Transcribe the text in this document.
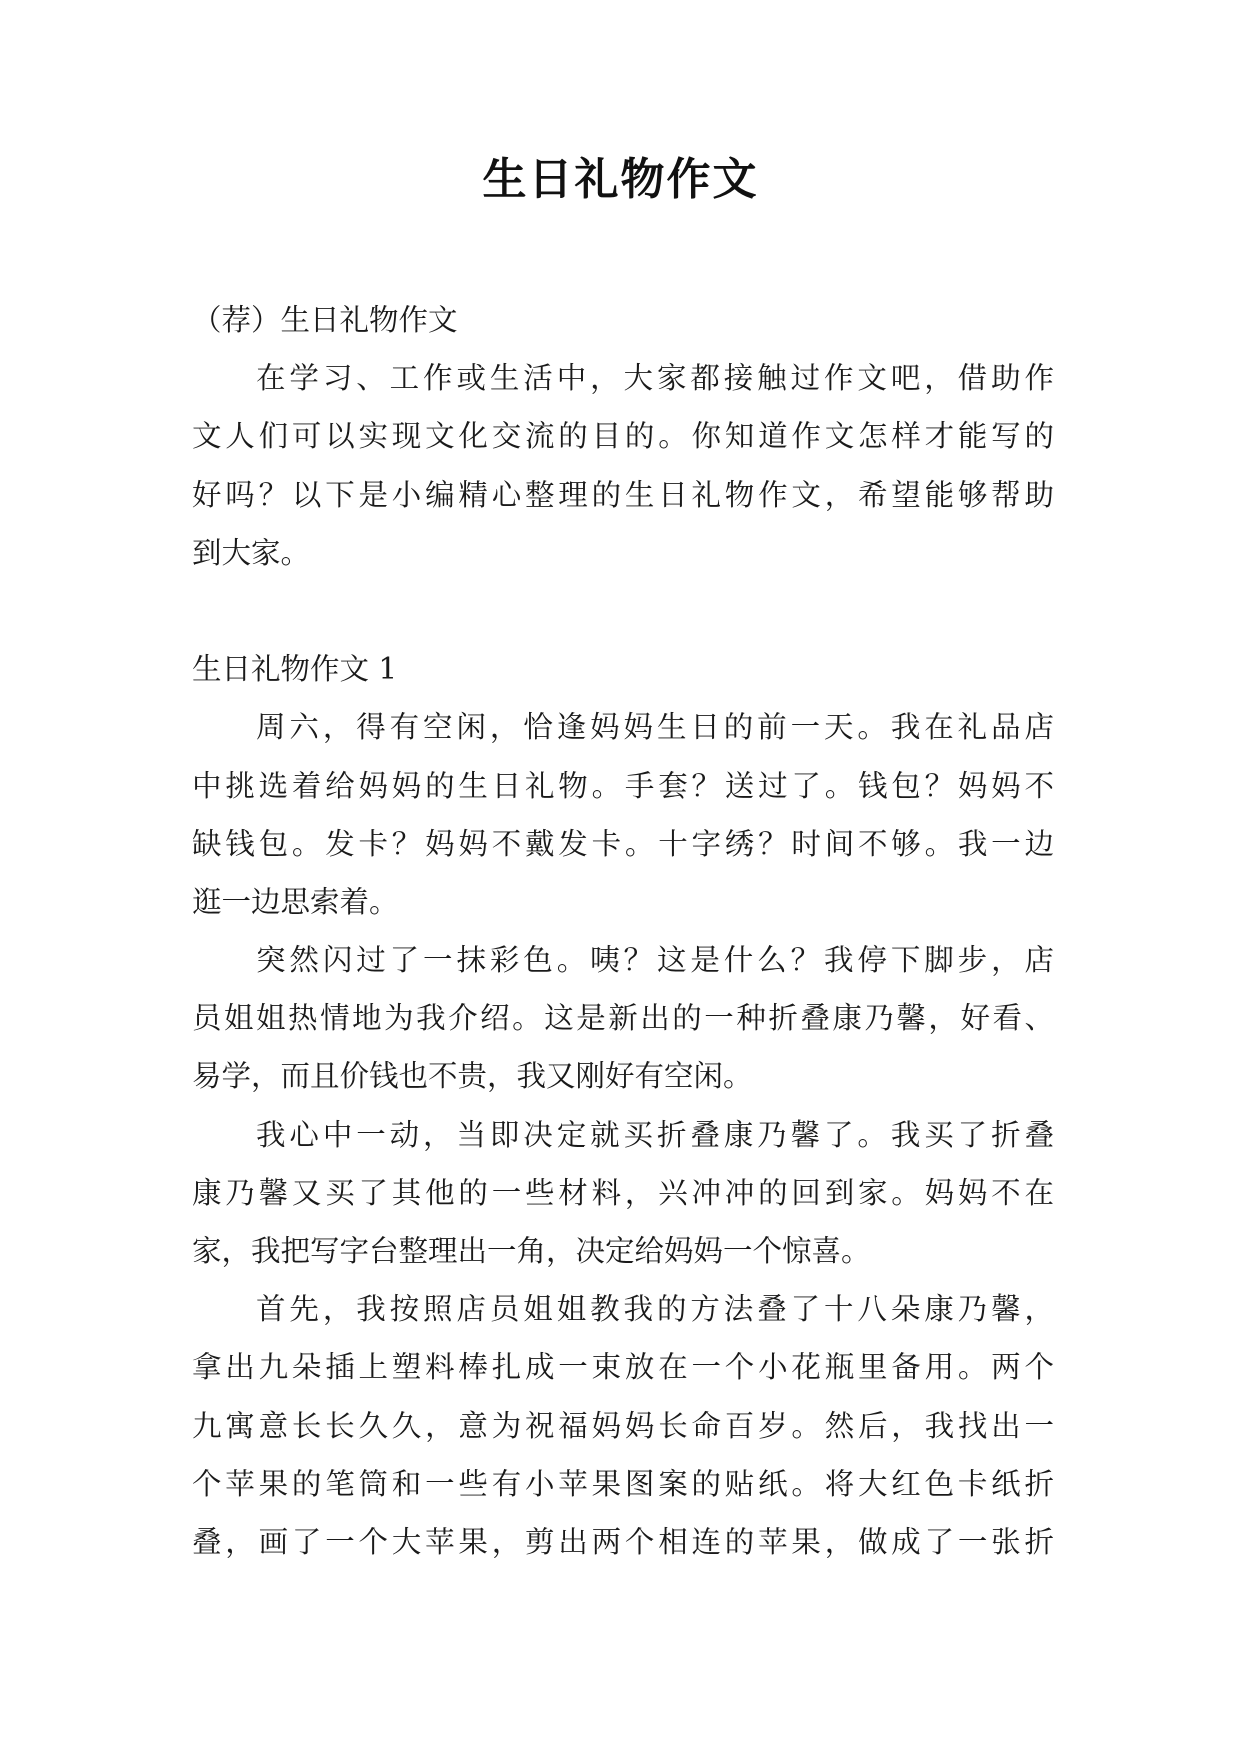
生日礼物作文
（荐）生日礼物作文
在学习、工作或生活中，大家都接触过作文吧，借助作
文人们可以实现文化交流的目的。你知道作文怎样才能写的
好吗？以下是小编精心整理的生日礼物作文，希望能够帮助
到大家。
生日礼物作文 1
周六，得有空闲，恰逢妈妈生日的前一天。我在礼品店
中挑选着给妈妈的生日礼物。手套？送过了。钱包？妈妈不
缺钱包。发卡？妈妈不戴发卡。十字绣？时间不够。我一边
逛一边思索着。
突然闪过了一抹彩色。咦？这是什么？我停下脚步，店
员姐姐热情地为我介绍。这是新出的一种折叠康乃馨，好看、
易学，而且价钱也不贵，我又刚好有空闲。
我心中一动，当即决定就买折叠康乃馨了。我买了折叠
康乃馨又买了其他的一些材料，兴冲冲的回到家。妈妈不在
家，我把写字台整理出一角，决定给妈妈一个惊喜。
首先，我按照店员姐姐教我的方法叠了十八朵康乃馨，
拿出九朵插上塑料棒扎成一束放在一个小花瓶里备用。两个
九寓意长长久久，意为祝福妈妈长命百岁。然后，我找出一
个苹果的笔筒和一些有小苹果图案的贴纸。将大红色卡纸折
叠，画了一个大苹果，剪出两个相连的苹果，做成了一张折
